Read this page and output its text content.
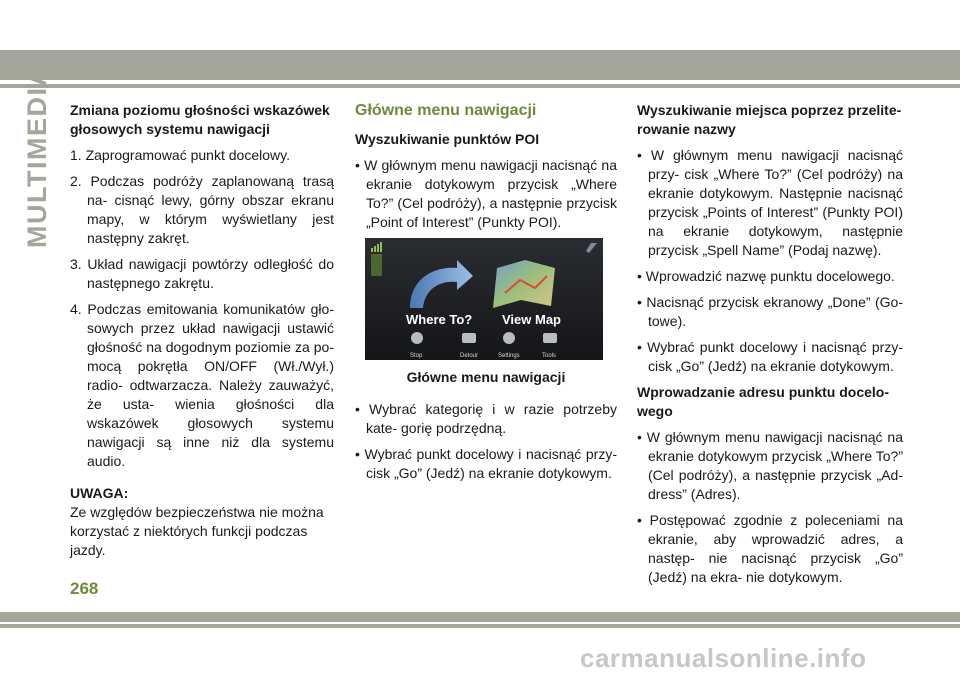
MULTIMEDIA Zmiana poziomu głośności wskazówek głosowych systemu nawigacji

1. Zaprogramować punkt docelowy.

2. Podczas podróży zaplanowaną trasą na- cisnąć lewy, górny obszar ekranu mapy, w którym wyświetlany jest następny zakręt.

3. Układ nawigacji powtórzy odległość do następnego zakrętu.

4. Podczas emitowania komunikatów gło- sowych przez układ nawigacji ustawić głośność na dogodnym poziomie za po- mocą pokrętła ON/OFF (Wł./Wył.) radio- odtwarzacza. Należy zauważyć, że usta- wienia głośności dla wskazówek głosowych systemu nawigacji są inne niż dla systemu audio.

UWAGA:

Ze względów bezpieczeństwa nie można korzystać z niektórych funkcji podczas jazdy.

Główne menu nawigacji

Wyszukiwanie punktów POI

• W głównym menu nawigacji nacisnąć na ekranie dotykowym przycisk „Where To?” (Cel podróży), a następnie przycisk „Point of Interest” (Punkty POI).

Where To? View Map
Stop	Detour	Settings	Tools

Główne menu nawigacji

• Wybrać kategorię i w razie potrzeby kate- gorię podrzędną.

• Wybrać punkt docelowy i nacisnąć przy- cisk „Go” (Jedź) na ekranie dotykowym.

Wyszukiwanie miejsca poprzez przelite- rowanie nazwy

• W głównym menu nawigacji nacisnąć przy- cisk „Where To?” (Cel podróży) na ekranie dotykowym. Następnie nacisnąć przycisk „Points of Interest” (Punkty POI) na ekranie dotykowym, następnie przycisk „Spell Name” (Podaj nazwę).

• Wprowadzić nazwę punktu docelowego.

• Nacisnąć przycisk ekranowy „Done” (Go- towe).

• Wybrać punkt docelowy i nacisnąć przy- cisk „Go” (Jedź) na ekranie dotykowym.

Wprowadzanie adresu punktu docelo- wego

• W głównym menu nawigacji nacisnąć na ekranie dotykowym przycisk „Where To?” (Cel podróży), a następnie przycisk „Ad- dress” (Adres).

• Postępować zgodnie z poleceniami na ekranie, aby wprowadzić adres, a następ- nie nacisnąć przycisk „Go” (Jedź) na ekra- nie dotykowym.

268
carmanualsonline.info
